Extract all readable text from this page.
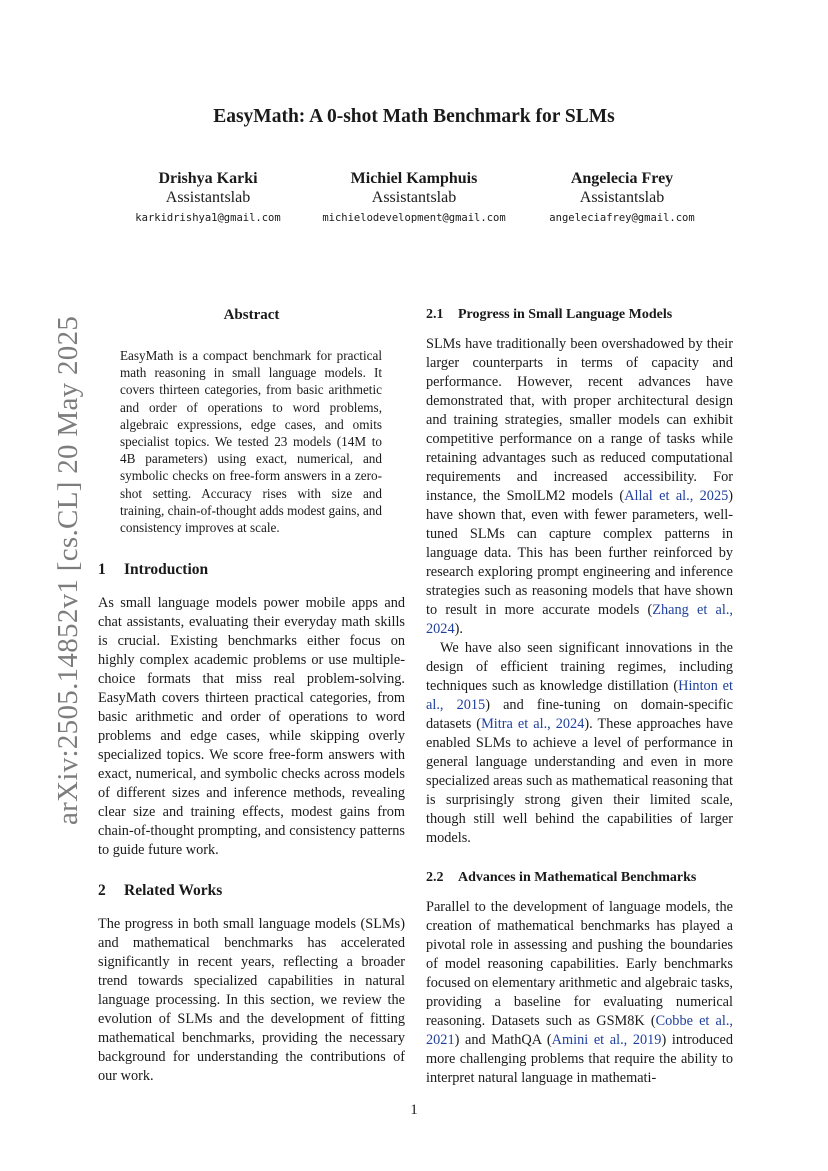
arXiv:2505.14852v1 [cs.CL] 20 May 2025
EasyMath: A 0-shot Math Benchmark for SLMs
Drishya Karki
Assistantslab
karkidrishya1@gmail.com
Michiel Kamphuis
Assistantslab
michielodevelopment@gmail.com
Angelecia Frey
Assistantslab
angeleciafrey@gmail.com
Abstract

EasyMath is a compact benchmark for practical math reasoning in small language models. It covers thirteen categories, from basic arithmetic and order of operations to word problems, algebraic expressions, edge cases, and omits specialist topics. We tested 23 models (14M to 4B parameters) using exact, numerical, and symbolic checks on free-form answers in a zero-shot setting. Accuracy rises with size and training, chain-of-thought adds modest gains, and consistency improves at scale.

1 Introduction

As small language models power mobile apps and chat assistants, evaluating their everyday math skills is crucial. Existing benchmarks either focus on highly complex academic problems or use multiple-choice formats that miss real problem-solving. EasyMath covers thirteen practical categories, from basic arithmetic and order of operations to word problems and edge cases, while skipping overly specialized topics. We score free-form answers with exact, numerical, and symbolic checks across models of different sizes and inference methods, revealing clear size and training effects, modest gains from chain-of-thought prompting, and consistency patterns to guide future work.

2 Related Works

The progress in both small language models (SLMs) and mathematical benchmarks has accelerated significantly in recent years, reflecting a broader trend towards specialized capabilities in natural language processing. In this section, we review the evolution of SLMs and the development of fitting mathematical benchmarks, providing the necessary background for understanding the contributions of our work.

2.1 Progress in Small Language Models

SLMs have traditionally been overshadowed by their larger counterparts in terms of capacity and performance. However, recent advances have demonstrated that, with proper architectural design and training strategies, smaller models can exhibit competitive performance on a range of tasks while retaining advantages such as reduced computational requirements and increased accessibility. For instance, the SmolLM2 models (Allal et al., 2025) have shown that, even with fewer parameters, well-tuned SLMs can capture complex patterns in language data. This has been further reinforced by research exploring prompt engineering and inference strategies such as reasoning models that have shown to result in more accurate models (Zhang et al., 2024).

We have also seen significant innovations in the design of efficient training regimes, including techniques such as knowledge distillation (Hinton et al., 2015) and fine-tuning on domain-specific datasets (Mitra et al., 2024). These approaches have enabled SLMs to achieve a level of performance in general language understanding and even in more specialized areas such as mathematical reasoning that is surprisingly strong given their limited scale, though still well behind the capabilities of larger models.

2.2 Advances in Mathematical Benchmarks

Parallel to the development of language models, the creation of mathematical benchmarks has played a pivotal role in assessing and pushing the boundaries of model reasoning capabilities. Early benchmarks focused on elementary arithmetic and algebraic tasks, providing a baseline for evaluating numerical reasoning. Datasets such as GSM8K (Cobbe et al., 2021) and MathQA (Amini et al., 2019) introduced more challenging problems that require the ability to interpret natural language in mathemati-

1
